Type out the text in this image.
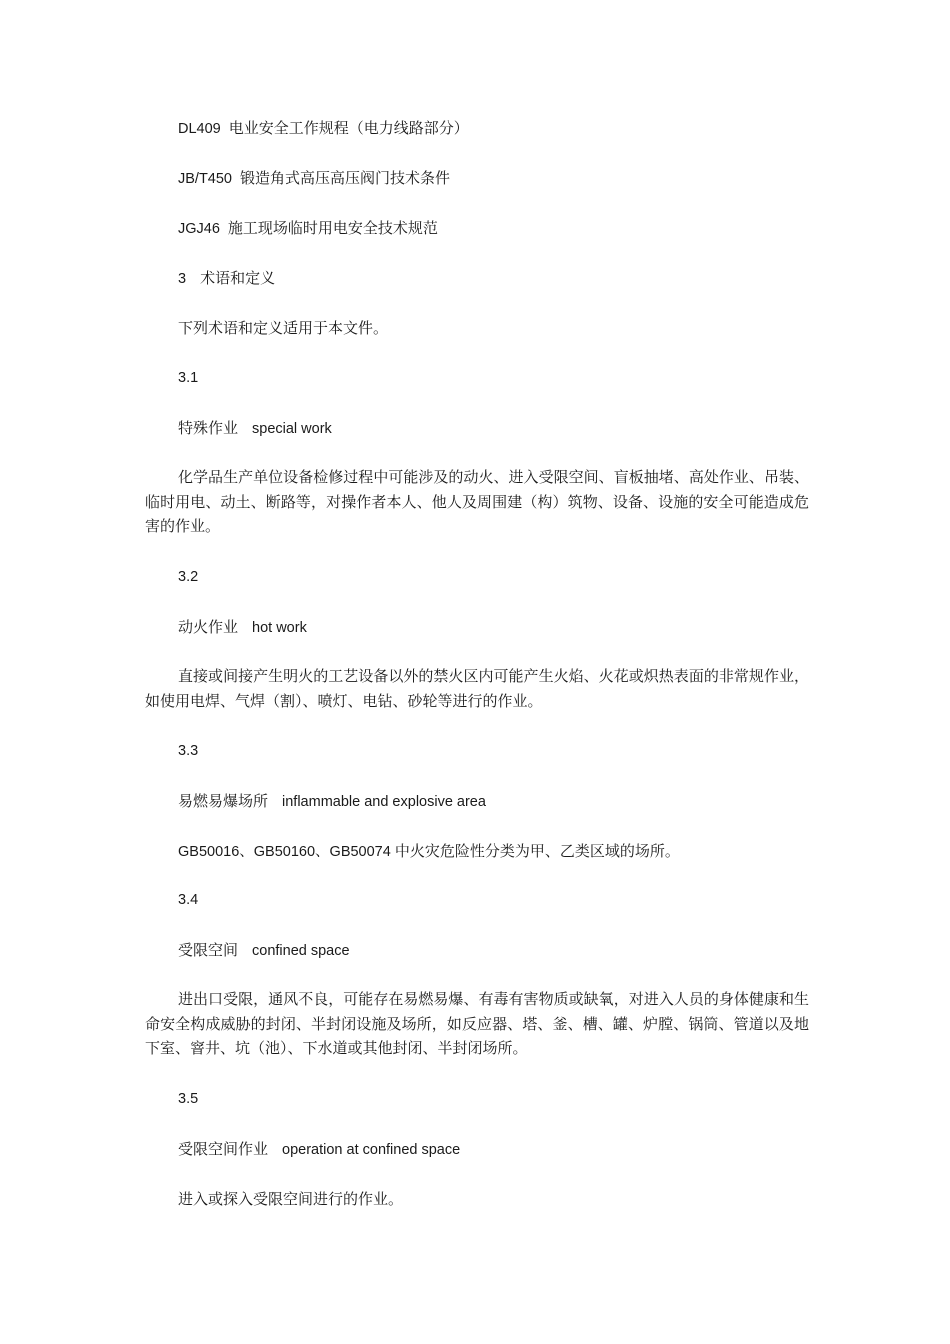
DL409 电业安全工作规程（电力线路部分）
JB/T450 锻造角式高压高压阀门技术条件
JGJ46 施工现场临时用电安全技术规范
3 术语和定义
下列术语和定义适用于本文件。
3.1
特殊作业 special work
化学品生产单位设备检修过程中可能涉及的动火、进入受限空间、盲板抽堵、高处作业、吊装、临时用电、动土、断路等，对操作者本人、他人及周围建（构）筑物、设备、设施的安全可能造成危害的作业。
3.2
动火作业 hot work
直接或间接产生明火的工艺设备以外的禁火区内可能产生火焰、火花或炽热表面的非常规作业，如使用电焊、气焊（割）、喷灯、电钻、砂轮等进行的作业。
3.3
易燃易爆场所 inflammable and explosive area
GB50016、GB50160、GB50074 中火灾危险性分类为甲、乙类区域的场所。
3.4
受限空间 confined space
进出口受限，通风不良，可能存在易燃易爆、有毒有害物质或缺氧，对进入人员的身体健康和生命安全构成威胁的封闭、半封闭设施及场所，如反应器、塔、釜、槽、罐、炉膛、锅筒、管道以及地下室、窨井、坑（池）、下水道或其他封闭、半封闭场所。
3.5
受限空间作业 operation at confined space
进入或探入受限空间进行的作业。
